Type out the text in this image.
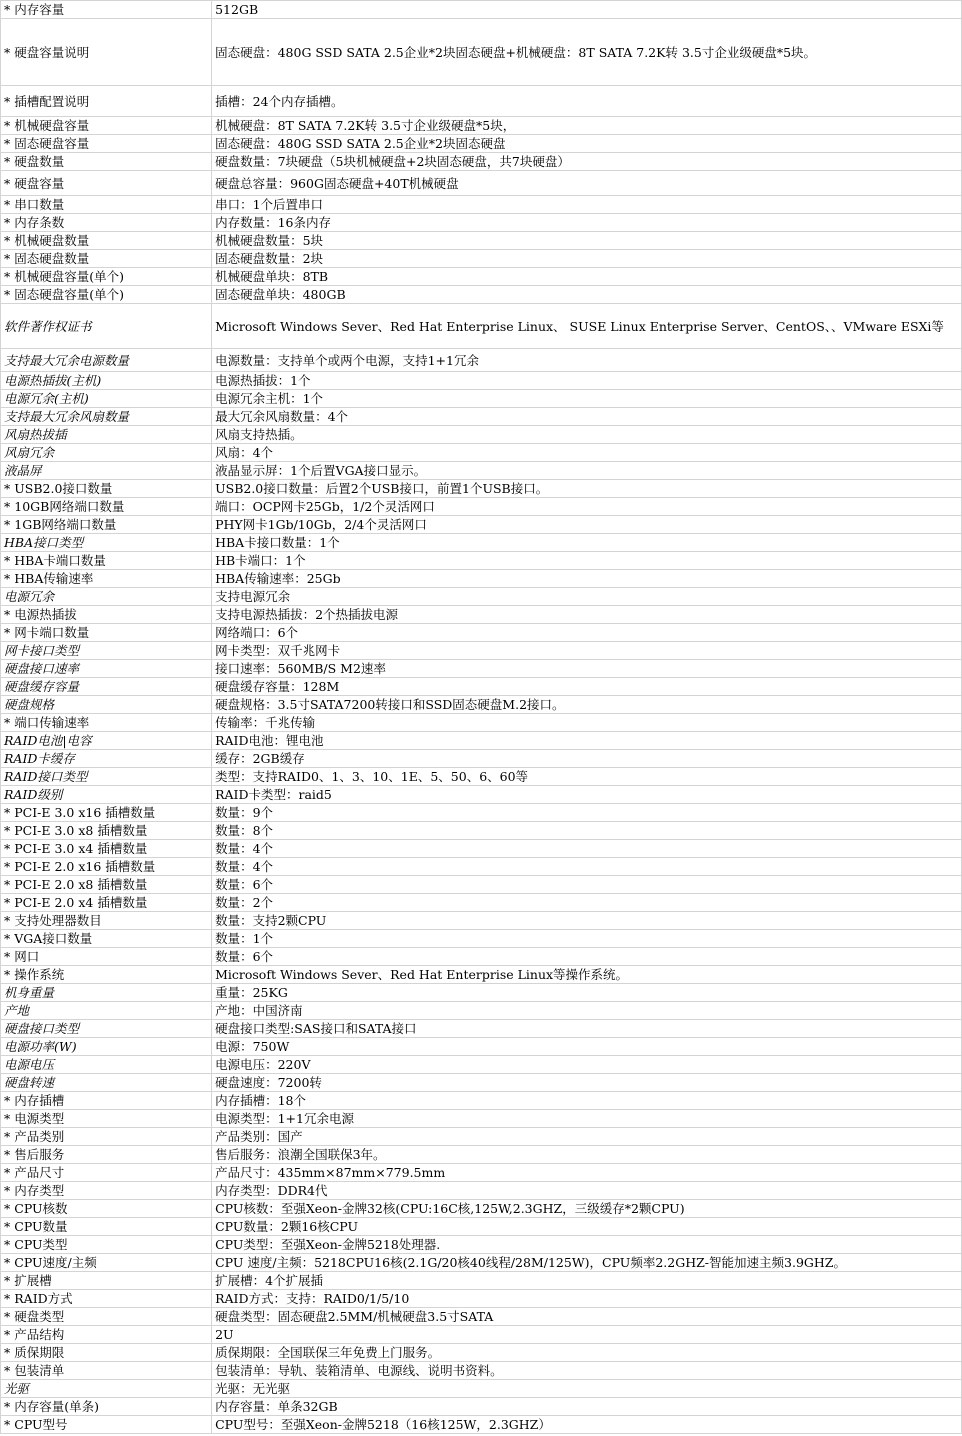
* 内存容量	512GB
* 硬盘容量说明	固态硬盘：480G SSD SATA 2.5企业*2块固态硬盘+机械硬盘：8T SATA 7.2K转 3.5寸企业级硬盘*5块。
* 插槽配置说明	插槽：24个内存插槽。
* 机械硬盘容量	机械硬盘：8T SATA 7.2K转 3.5寸企业级硬盘*5块，
* 固态硬盘容量	固态硬盘：480G SSD SATA 2.5企业*2块固态硬盘
* 硬盘数量	硬盘数量：7块硬盘（5块机械硬盘+2块固态硬盘，共7块硬盘）
* 硬盘容量	硬盘总容量：960G固态硬盘+40T机械硬盘
* 串口数量	串口：1个后置串口
* 内存条数	内存数量：16条内存
* 机械硬盘数量	机械硬盘数量：5块
* 固态硬盘数量	固态硬盘数量：2块
* 机械硬盘容量(单个)	机械硬盘单块：8TB
* 固态硬盘容量(单个)	固态硬盘单块：480GB
软件著作权证书	Microsoft Windows Sever、Red Hat Enterprise Linux、 SUSE Linux Enterprise Server、CentOS、、VMware ESXi等
支持最大冗余电源数量	电源数量：支持单个或两个电源，支持1+1冗余
电源热插拔(主机)	电源热插拔：1个
电源冗余(主机)	电源冗余主机：1个
支持最大冗余风扇数量	最大冗余风扇数量：4个
风扇热拔插	风扇支持热插。
风扇冗余	风扇：4个
液晶屏	液晶显示屏：1个后置VGA接口显示。
* USB2.0接口数量	USB2.0接口数量：后置2个USB接口，前置1个USB接口。
* 10GB网络端口数量	端口：OCP网卡25Gb，1/2个灵活网口
* 1GB网络端口数量	PHY网卡1Gb/10Gb，2/4个灵活网口
HBA接口类型	HBA卡接口数量：1个
* HBA卡端口数量	HB卡端口：1个
* HBA传输速率	HBA传输速率：25Gb
电源冗余	支持电源冗余
* 电源热插拔	支持电源热插拔：2个热插拔电源
* 网卡端口数量	网络端口：6个
网卡接口类型	网卡类型：双千兆网卡
硬盘接口速率	接口速率：560MB/S M2速率
硬盘缓存容量	硬盘缓存容量：128M
硬盘规格	硬盘规格：3.5寸SATA7200转接口和SSD固态硬盘M.2接口。
* 端口传输速率	传输率：千兆传输
RAID电池|电容	RAID电池：锂电池
RAID卡缓存	缓存：2GB缓存
RAID接口类型	类型：支持RAID0、1、3、10、1E、5、50、6、60等
RAID级别	RAID卡类型：raid5
* PCI-E 3.0 x16 插槽数量	数量：9个
* PCI-E 3.0 x8 插槽数量	数量：8个
* PCI-E 3.0 x4 插槽数量	数量：4个
* PCI-E 2.0 x16 插槽数量	数量：4个
* PCI-E 2.0 x8 插槽数量	数量：6个
* PCI-E 2.0 x4 插槽数量	数量：2个
* 支持处理器数目	数量：支持2颗CPU
* VGA接口数量	数量：1个
* 网口	数量：6个
* 操作系统	Microsoft Windows Sever、Red Hat Enterprise Linux等操作系统。
机身重量	重量：25KG
产地	产地：中国济南
硬盘接口类型	硬盘接口类型:SAS接口和SATA接口
电源功率(W)	电源：750W
电源电压	电源电压：220V
硬盘转速	硬盘速度：7200转
* 内存插槽	内存插槽：18个
* 电源类型	电源类型：1+1冗余电源
* 产品类别	产品类别：国产
* 售后服务	售后服务：浪潮全国联保3年。
* 产品尺寸	产品尺寸：435mm×87mm×779.5mm
* 内存类型	内存类型：DDR4代
* CPU核数	CPU核数：至强Xeon-金牌32核(CPU:16C核,125W,2.3GHZ，三级缓存*2颗CPU)
* CPU数量	CPU数量：2颗16核CPU
* CPU类型	CPU类型：至强Xeon-金牌5218处理器.
* CPU速度/主频	CPU 速度/主频：5218CPU16核(2.1G/20核40线程/28M/125W)，CPU频率2.2GHZ-智能加速主频3.9GHZ。
* 扩展槽	扩展槽：4个扩展插
* RAID方式	RAID方式：支持：RAID0/1/5/10
* 硬盘类型	硬盘类型：固态硬盘2.5MM/机械硬盘3.5寸SATA
* 产品结构	2U
* 质保期限	质保期限：全国联保三年免费上门服务。
* 包装清单	包装清单：导轨、装箱清单、电源线、说明书资料。
光驱	光驱：无光驱
* 内存容量(单条)	内存容量：单条32GB
* CPU型号	CPU型号：至强Xeon-金牌5218（16核125W，2.3GHZ）
